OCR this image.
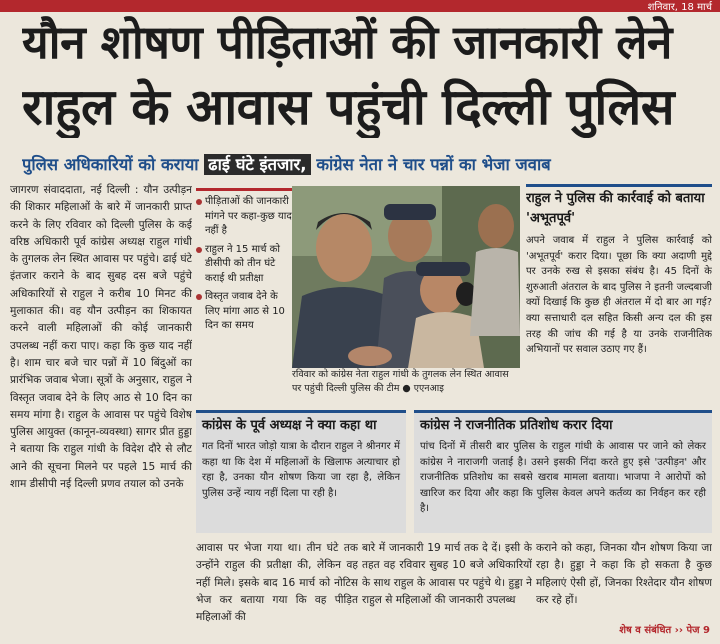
शनिवार, 18 मार्च
यौन शोषण पीड़िताओं की जानकारी लेने
राहुल के आवास पहुंची दिल्ली पुलिस
पुलिस अधिकारियों को कराया ढाई घंटे इंतजार, कांग्रेस नेता ने चार पन्नों का भेजा जवाब
जागरण संवाददाता, नई दिल्ली : यौन उत्पीड़न की शिकार महिलाओं के बारे में जानकारी प्राप्त करने के लिए रविवार को दिल्ली पुलिस के कई वरिष्ठ अधिकारी पूर्व कांग्रेस अध्यक्ष राहुल गांधी के तुगलक लेन स्थित आवास पर पहुंचे। ढाई घंटे इंतजार कराने के बाद सुबह दस बजे पहुंचे अधिकारियों से राहुल ने करीब 10 मिनट की मुलाकात की। वह यौन उत्पीड़न का शिकायत करने वाली महिलाओं की कोई जानकारी उपलब्ध नहीं करा पाए। कहा कि कुछ याद नहीं है। शाम चार बजे चार पन्नों में 10 बिंदुओं का प्रारंभिक जवाब भेजा। सूत्रों के अनुसार, राहुल ने विस्तृत जवाब देने के लिए आठ से 10 दिन का समय मांगा है। राहुल के आवास पर पहुंचे विशेष पुलिस आयुक्त (कानून-व्यवस्था) सागर प्रीत हुड्डा ने बताया कि राहुल गांधी के विदेश दौरे से लौट आने की सूचना मिलने पर पहले 15 मार्च की शाम डीसीपी नई दिल्ली प्रणव तयाल को उनके
पीड़िताओं की जानकारी मांगने पर कहा-कुछ याद नहीं है
राहुल ने 15 मार्च को डीसीपी को तीन घंटे कराई थी प्रतीक्षा
विस्तृत जवाब देने के लिए मांगा आठ से 10 दिन का समय
रविवार को कांग्रेस नेता राहुल गांधी के तुगलक लेन स्थित आवास पर पहुंची दिल्ली पुलिस की टीम ● एएनआइ
राहुल ने पुलिस की कार्रवाई को बताया 'अभूतपूर्व'
अपने जवाब में राहुल ने पुलिस कार्रवाई को 'अभूतपूर्व' करार दिया। पूछा कि क्या अदाणी मुद्दे पर उनके रुख से इसका संबंध है। 45 दिनों के शुरुआती अंतराल के बाद पुलिस ने इतनी जल्दबाजी क्यों दिखाई कि कुछ ही अंतराल में दो बार आ गई? क्या सत्ताधारी दल सहित किसी अन्य दल की इस तरह की जांच की गई है या उनके राजनीतिक अभियानों पर सवाल उठाए गए हैं।
कांग्रेस के पूर्व अध्यक्ष ने क्या कहा था
गत दिनों भारत जोड़ो यात्रा के दौरान राहुल ने श्रीनगर में कहा था कि देश में महिलाओं के खिलाफ अत्याचार हो रहा है, उनका यौन शोषण किया जा रहा है, लेकिन पुलिस उन्हें न्याय नहीं दिला पा रही है।
कांग्रेस ने राजनीतिक प्रतिशोध करार दिया
पांच दिनों में तीसरी बार पुलिस के राहुल गांधी के आवास पर जाने को लेकर कांग्रेस ने नाराजगी जताई है। उसने इसकी निंदा करते हुए इसे 'उत्पीड़न' और राजनीतिक प्रतिशोध का सबसे खराब मामला बताया। भाजपा ने आरोपों को खारिज कर दिया और कहा कि पुलिस केवल अपने कर्तव्य का निर्वहन कर रही है।
आवास पर भेजा गया था। तीन घंटे तक उन्होंने राहुल की प्रतीक्षा की, लेकिन वह नहीं मिले। इसके बाद 16 मार्च को नोटिस भेज कर बताया गया कि वह पीड़ित महिलाओं की
बारे में जानकारी 19 मार्च तक दे दें। इसी के तहत वह रविवार सुबह 10 बजे अधिकारियों के साथ राहुल के आवास पर पहुंचे थे। हुड्डा ने राहुल से महिलाओं की जानकारी उपलब्ध
कराने को कहा, जिनका यौन शोषण किया जा रहा है। हुड्डा ने कहा कि हो सकता है कुछ महिलाएं ऐसी हों, जिनका रिश्तेदार यौन शोषण कर रहे हों।
शेष व संबंधित ›› पेज 9
